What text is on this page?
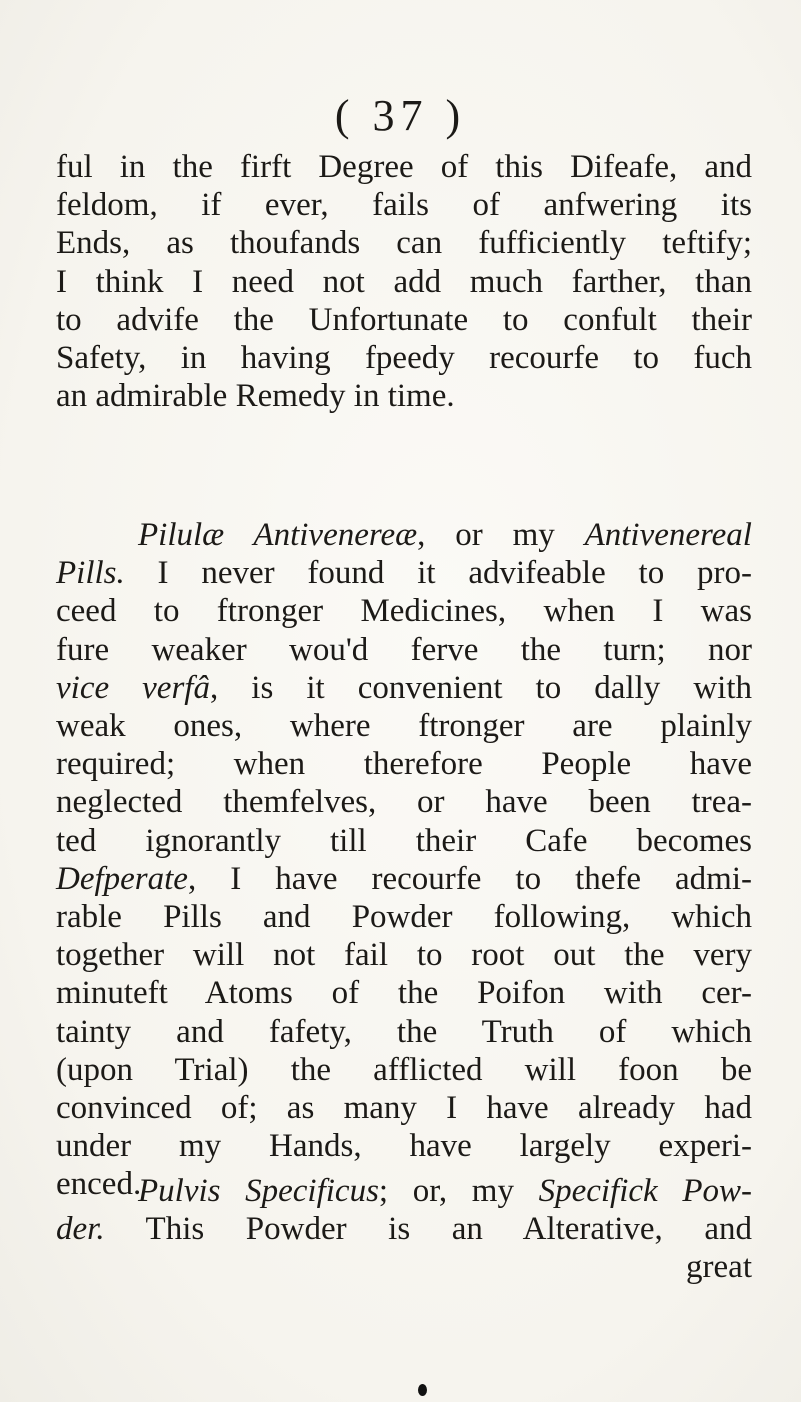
( 37 )
ful in the firft Degree of this Difeafe, and
feldom, if ever, fails of anfwering its
Ends, as thoufands can fufficiently teftify;
I think I need not add much farther, than
to advife the Unfortunate to confult their
Safety, in having fpeedy recourfe to fuch
an admirable Remedy in time.
Pilulæ Antivenereæ, or my Antivenereal
Pills. I never found it advifeable to pro-
ceed to ftronger Medicines, when I was
fure weaker wou'd ferve the turn; nor
vice verfâ, is it convenient to dally with
weak ones, where ftronger are plainly
required; when therefore People have
neglected themfelves, or have been trea-
ted ignorantly till their Cafe becomes
Defperate, I have recourfe to thefe admi-
rable Pills and Powder following, which
together will not fail to root out the very
minuteft Atoms of the Poifon with cer-
tainty and fafety, the Truth of which
(upon Trial) the afflicted will foon be
convinced of; as many I have already had
under my Hands, have largely experi-
enced.
Pulvis Specificus; or, my Specifick Pow-
der. This Powder is an Alterative, and
great
